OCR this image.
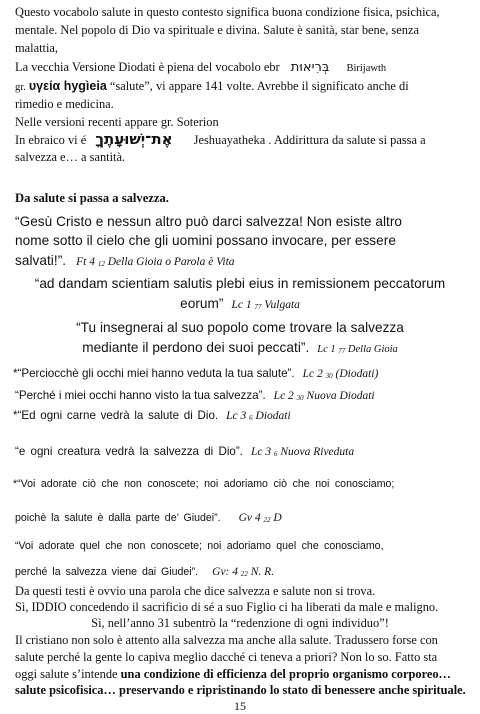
Questo vocabolo salute in questo contesto significa buona condizione fisica, psichica,
mentale. Nel popolo di Dio va spirituale e divina. Salute è sanità, star bene, senza
malattia,
La vecchia Versione Diodati è piena del vocabolo ebr בְּרִיאוּת Birijawth
gr. υγεία hygìeia “salute”, vi appare 141 volte. Avrebbe il significato anche di
rimedio e medicina.
Nelle versioni recenti appare gr. Soterion
In ebraico vi é אֶת־יְשׁוּעָתֶךָ Jeshuayatheka . Addirittura da salute si passa a
salvezza e… a santità.
Da salute si passa a salvezza.
“Gesù Cristo e nessun altro può darci salvezza! Non esiste altro
nome sotto il cielo che gli uomini possano invocare, per essere
salvati!”. Ft 4 $_{12}$ Della Gioia o Parola è Vita
“ad dandam scientiam salutis plebi eius in remissionem peccatorum
eorum” Lc 1 $_{77}$ Vulgata
“Tu insegnerai al suo popolo come trovare la salvezza
mediante il perdono dei suoi peccati”. Lc 1 $_{77}$ Della Gioia
*“Perciocchè gli occhi miei hanno veduta la tua salute”. Lc 2 $_{30}$ (Diodati)
“Perché i miei occhi hanno visto la tua salvezza”. Lc 2 $_{30}$ Nuova Diodati
*“Ed ogni carne vedrà la salute di Dio. Lc 3 $_6$ Diodati
“e ogni creatura vedrà la salvezza di Dio”. Lc 3 $_6$ Nuova Riveduta
*“Voi adorate ciò che non conoscete; noi adoriamo ciò che noi conosciamo;
poichè la salute è dalla parte de’ Giudei”. Gv 4 $_{22}$ D
“Voi adorate quel che non conoscete; noi adoriamo quel che conosciamo,
perché la salvezza viene dai Giudei”. Gv: 4 $_{22}$ N. R.
Da questi testi è ovvio una parola che dice salvezza e salute non si trova.
Sì, IDDIO concedendo il sacrificio di sé a suo Figlio ci ha liberati da male e maligno.
Sì, nell’anno 31 subentrò la “redenzione di ogni individuo”!
Il cristiano non solo è attento alla salvezza ma anche alla salute. Tradussero forse con
salute perché la gente lo capiva meglio dacché ci teneva a priori? Non lo so. Fatto sta
oggi salute s’intende una condizione di efficienza del proprio organismo corporeo…
salute psicofisica… preservando e ripristinando lo stato di benessere anche spirituale.
15
